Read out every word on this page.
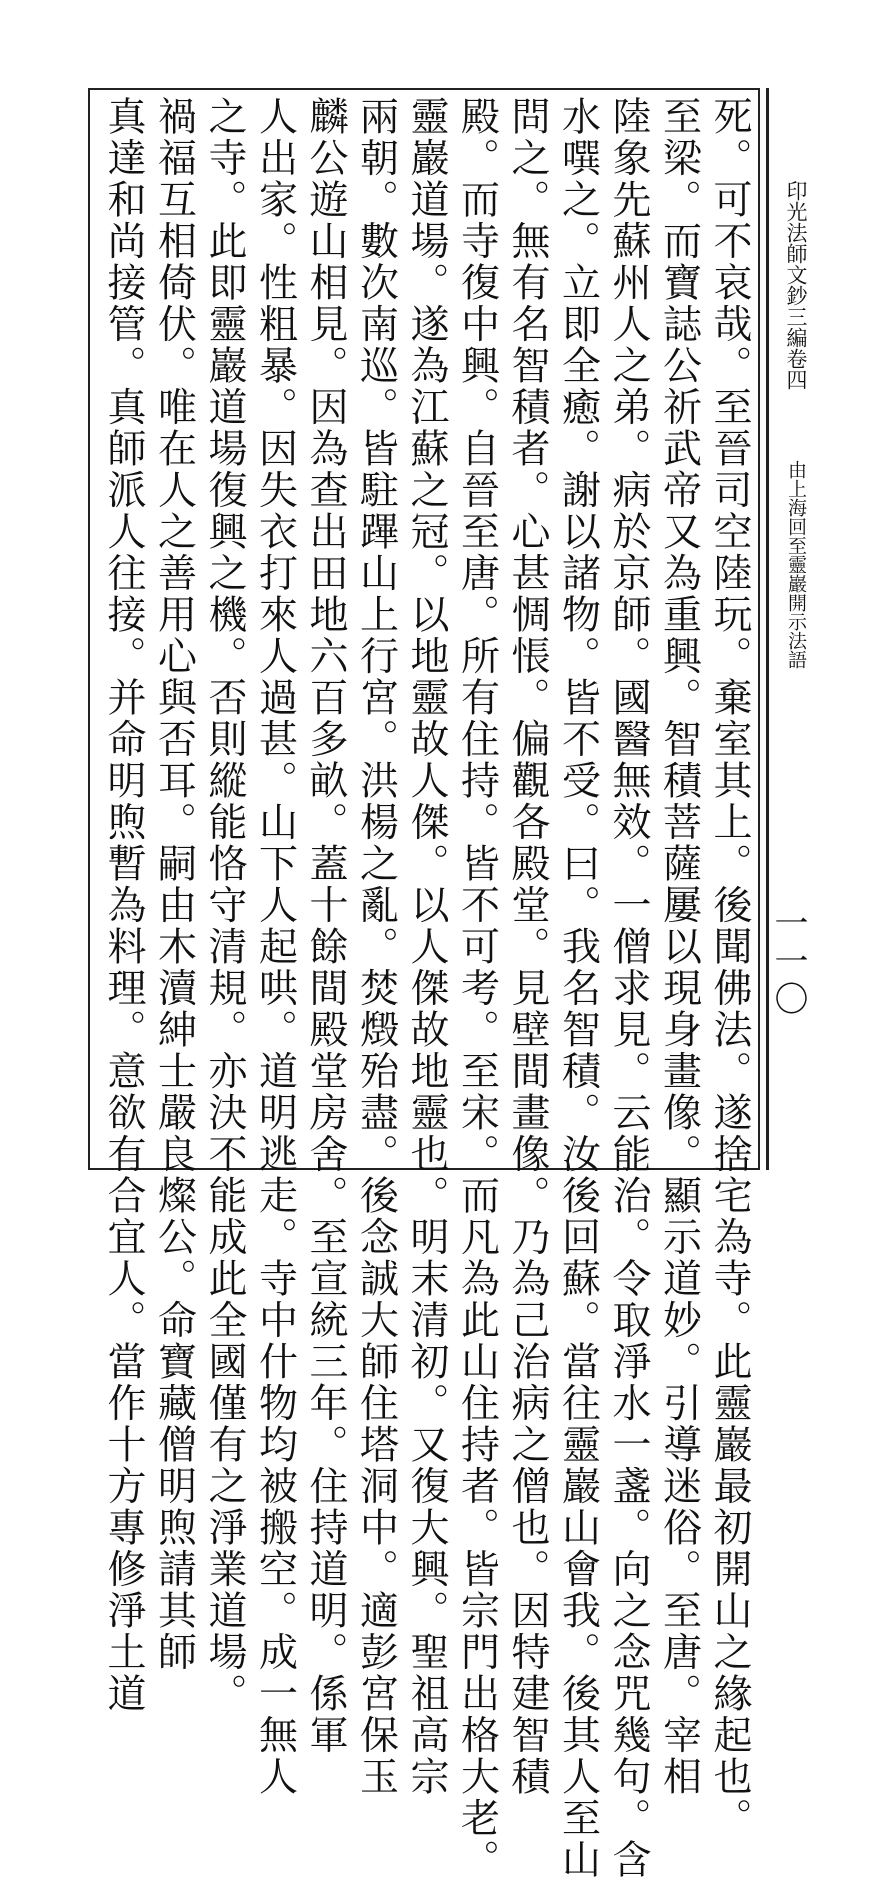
死。可不哀哉。至晉司空陸玩。棄室其上。後聞佛法。遂捨宅為寺。此靈巖最初開山之緣起也。
至梁。而寶誌公祈武帝又為重興。智積菩薩屢以現身畫像。顯示道妙。引導迷俗。至唐。宰相
陸象先蘇州人之弟。病於京師。國醫無效。一僧求見。云能治。令取淨水一盞。向之念咒幾句。含
水噀之。立即全癒。謝以諸物。皆不受。曰。我名智積。汝後回蘇。當往靈巖山會我。後其人至山
問之。無有名智積者。心甚惆悵。偏觀各殿堂。見壁間畫像。乃為己治病之僧也。因特建智積
殿。而寺復中興。自晉至唐。所有住持。皆不可考。至宋。而凡為此山住持者。皆宗門出格大老。
靈巖道場。遂為江蘇之冠。以地靈故人傑。以人傑故地靈也。明末清初。又復大興。聖祖高宗
兩朝。數次南巡。皆駐蹕山上行宮。洪楊之亂。焚燬殆盡。後念誠大師住塔洞中。適彭宮保玉
麟公遊山相見。因為查出田地六百多畝。蓋十餘間殿堂房舍。至宣統三年。住持道明。係軍
人出家。性粗暴。因失衣打來人過甚。山下人起哄。道明逃走。寺中什物均被搬空。成一無人
之寺。此即靈巖道場復興之機。否則縱能恪守清規。亦決不能成此全國僅有之淨業道場。
禍福互相倚伏。唯在人之善用心與否耳。嗣由木瀆紳士嚴良燦公。命寶藏僧明煦請其師
真達和尚接管。真師派人往接。并命明煦暫為料理。意欲有合宜人。當作十方專修淨土道	印光法師文鈔三編卷四
由上海回至靈巖開示法語
一一〇
